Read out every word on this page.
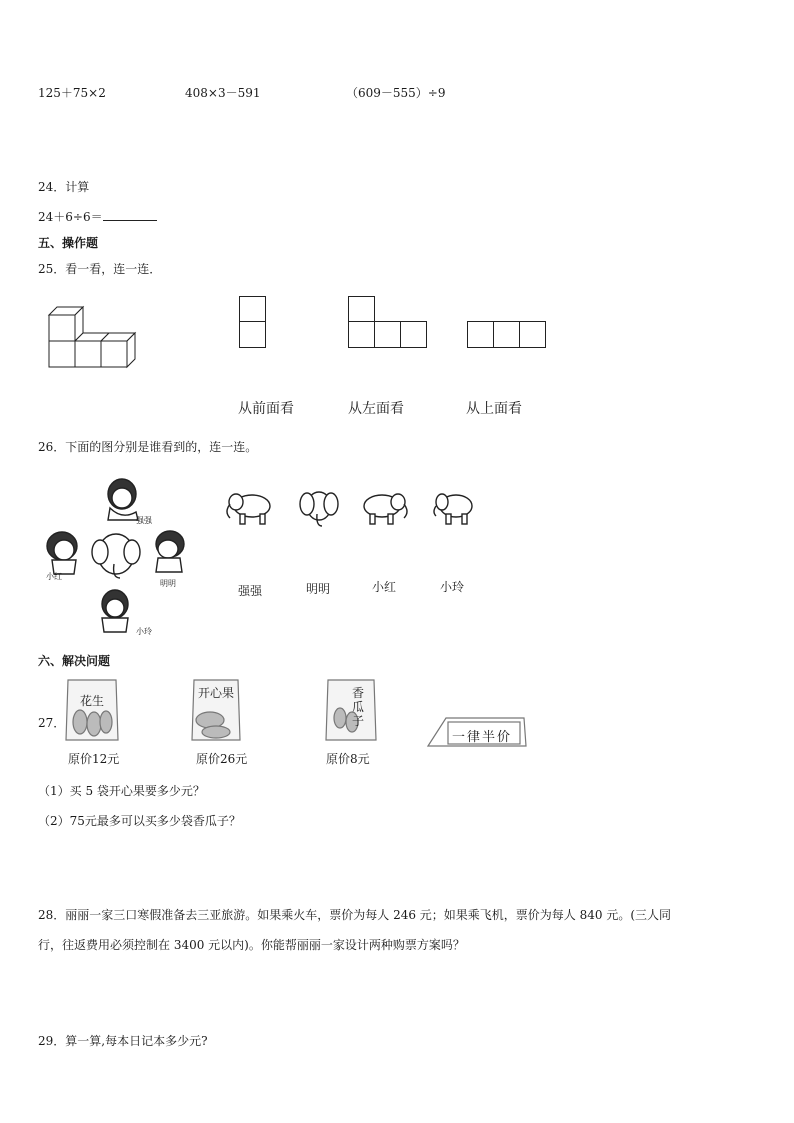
125＋75×2	408×3－591	（609－555）÷9
24．计算
24＋6÷6＝
五、操作题
25．看一看，连一连．
从前面看	从左面看	从上面看
26．下面的图分别是谁看到的，连一连。
强强
小红
明明
小玲
强强	明明	小红	小玲
六、解决问题
27．
花生
原价12元
开心果
原价26元
香瓜子
原价8元
一律半价
（1）买 5 袋开心果要多少元？
（2）75元最多可以买多少袋香瓜子？
28．丽丽一家三口寒假准备去三亚旅游。如果乘火车，票价为每人 246 元；如果乘飞机，票价为每人 840 元。(三人同
行，往返费用必须控制在 3400 元以内)。你能帮丽丽一家设计两种购票方案吗？
29．算一算,每本日记本多少元?
